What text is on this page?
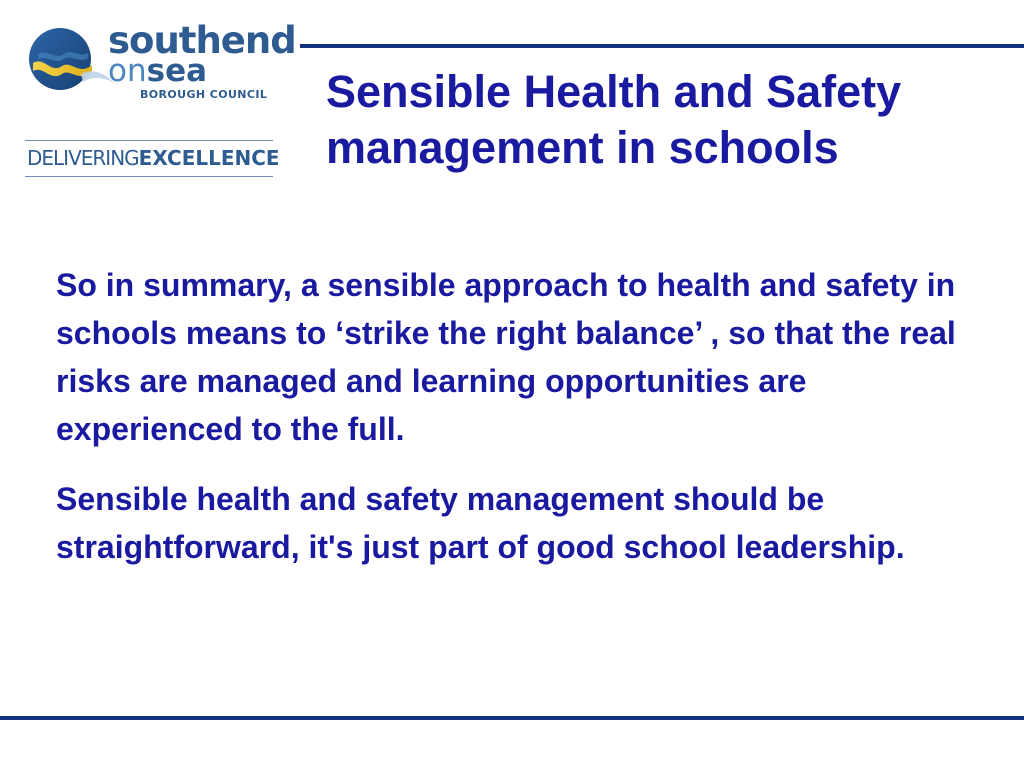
southend
onsea
BOROUGH COUNCIL
DELIVERINGEXCELLENCE
Sensible Health and Safety
management in schools

So in summary, a sensible approach to health and safety in schools means to ‘strike the right balance’ , so that the real risks are managed and learning opportunities are experienced to the full.

Sensible health and safety management should be straightforward, it's just part of good school leadership.
